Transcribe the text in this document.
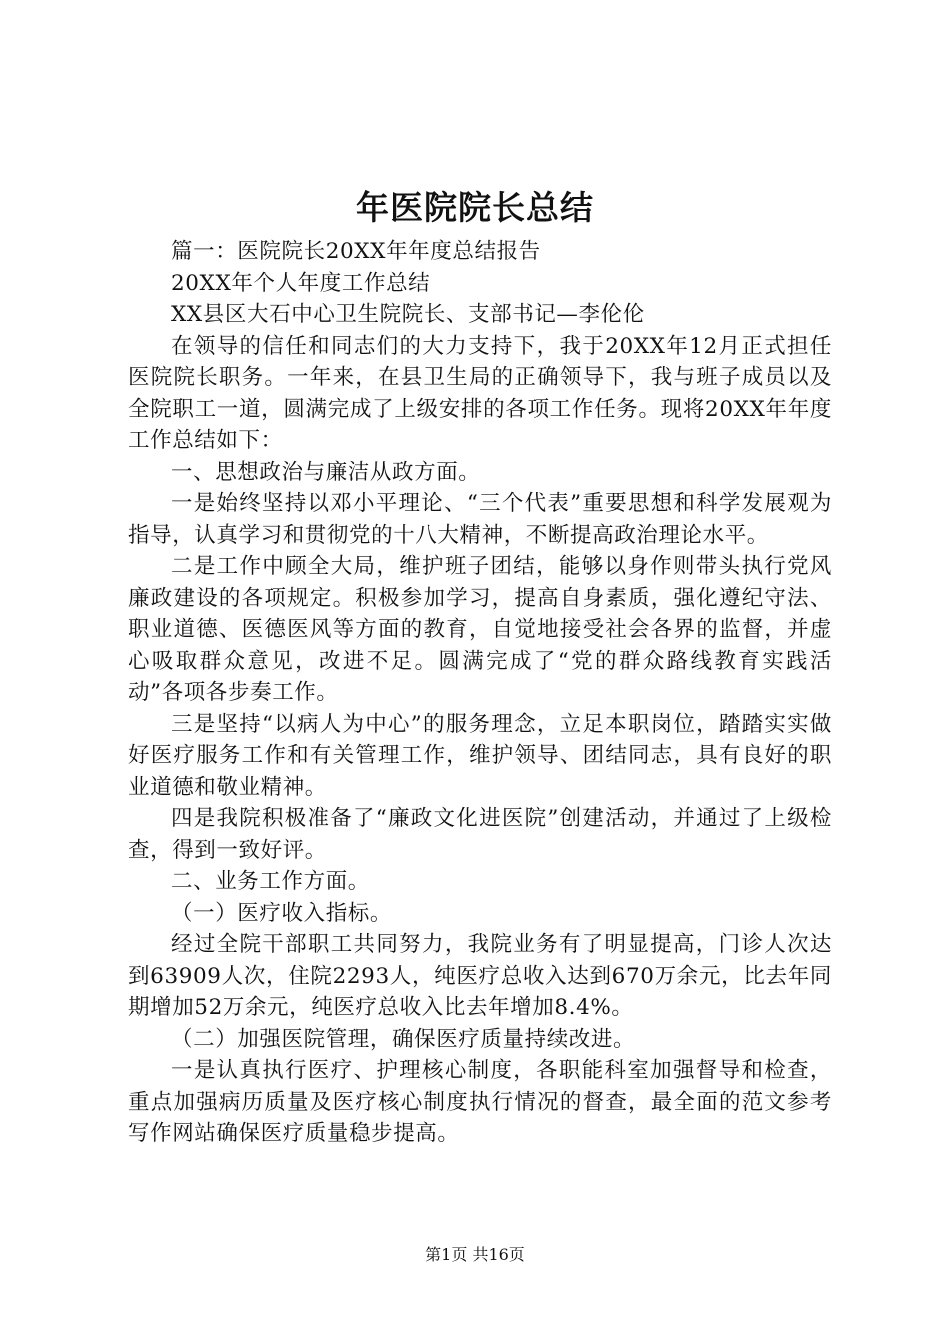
年医院院长总结

篇一：医院院长20XX年年度总结报告

20XX年个人年度工作总结

XX县区大石中心卫生院院长、支部书记—李伦伦

在领导的信任和同志们的大力支持下，我于20XX年12月正式担任医院院长职务。一年来，在县卫生局的正确领导下，我与班子成员以及全院职工一道，圆满完成了上级安排的各项工作任务。现将20XX年年度工作总结如下：

一、思想政治与廉洁从政方面。

一是始终坚持以邓小平理论、“三个代表”重要思想和科学发展观为指导，认真学习和贯彻党的十八大精神，不断提高政治理论水平。

二是工作中顾全大局，维护班子团结，能够以身作则带头执行党风廉政建设的各项规定。积极参加学习，提高自身素质，强化遵纪守法、职业道德、医德医风等方面的教育，自觉地接受社会各界的监督，并虚心吸取群众意见，改进不足。圆满完成了“党的群众路线教育实践活动”各项各步奏工作。

三是坚持“以病人为中心”的服务理念，立足本职岗位，踏踏实实做好医疗服务工作和有关管理工作，维护领导、团结同志，具有良好的职业道德和敬业精神。

四是我院积极准备了“廉政文化进医院”创建活动，并通过了上级检查，得到一致好评。

二、业务工作方面。

（一）医疗收入指标。

经过全院干部职工共同努力，我院业务有了明显提高，门诊人次达到63909人次，住院2293人，纯医疗总收入达到670万余元，比去年同期增加52万余元，纯医疗总收入比去年增加8.4%。

（二）加强医院管理，确保医疗质量持续改进。

一是认真执行医疗、护理核心制度，各职能科室加强督导和检查，重点加强病历质量及医疗核心制度执行情况的督查，最全面的范文参考写作网站确保医疗质量稳步提高。

第1页 共16页
